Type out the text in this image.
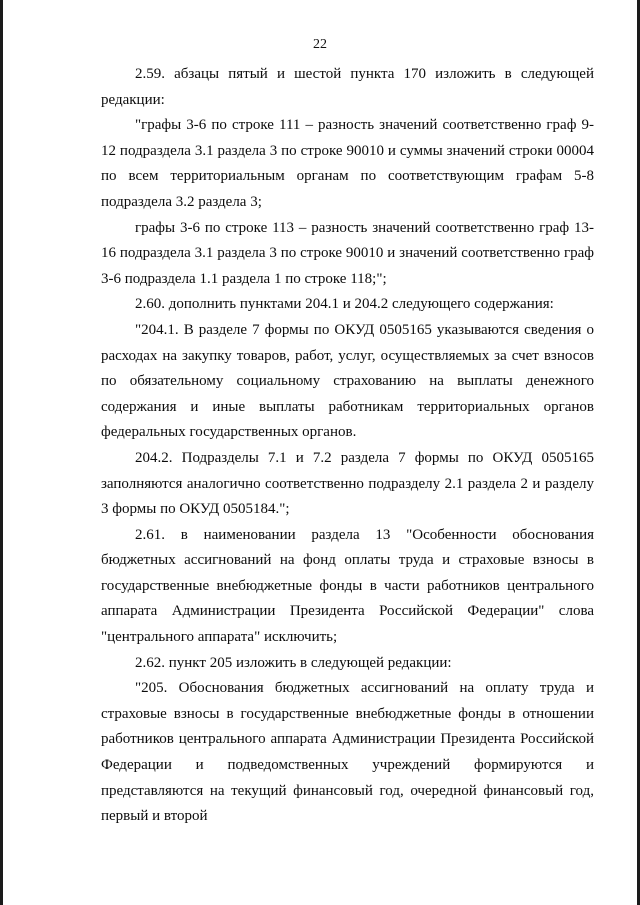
22

2.59. абзацы пятый и шестой пункта 170 изложить в следующей редакции:

"графы 3-6 по строке 111 – разность значений соответственно граф 9-12 подраздела 3.1 раздела 3 по строке 90010 и суммы значений строки 00004 по всем территориальным органам по соответствующим графам 5-8 подраздела 3.2 раздела 3;

графы 3-6 по строке 113 – разность значений соответственно граф 13-16 подраздела 3.1 раздела 3 по строке 90010 и значений соответственно граф 3-6 подраздела 1.1 раздела 1 по строке 118;";

2.60. дополнить пунктами 204.1 и 204.2 следующего содержания:

"204.1. В разделе 7 формы по ОКУД 0505165 указываются сведения о расходах на закупку товаров, работ, услуг, осуществляемых за счет взносов по обязательному социальному страхованию на выплаты денежного содержания и иные выплаты работникам территориальных органов федеральных государственных органов.

204.2. Подразделы 7.1 и 7.2 раздела 7 формы по ОКУД 0505165 заполняются аналогично соответственно подразделу 2.1 раздела 2 и разделу 3 формы по ОКУД 0505184.";

2.61. в наименовании раздела 13 "Особенности обоснования бюджетных ассигнований на фонд оплаты труда и страховые взносы в государственные внебюджетные фонды в части работников центрального аппарата Администрации Президента Российской Федерации" слова "центрального аппарата" исключить;

2.62. пункт 205 изложить в следующей редакции:

"205. Обоснования бюджетных ассигнований на оплату труда и страховые взносы в государственные внебюджетные фонды в отношении работников центрального аппарата Администрации Президента Российской Федерации и подведомственных учреждений формируются и представляются на текущий финансовый год, очередной финансовый год, первый и второй
